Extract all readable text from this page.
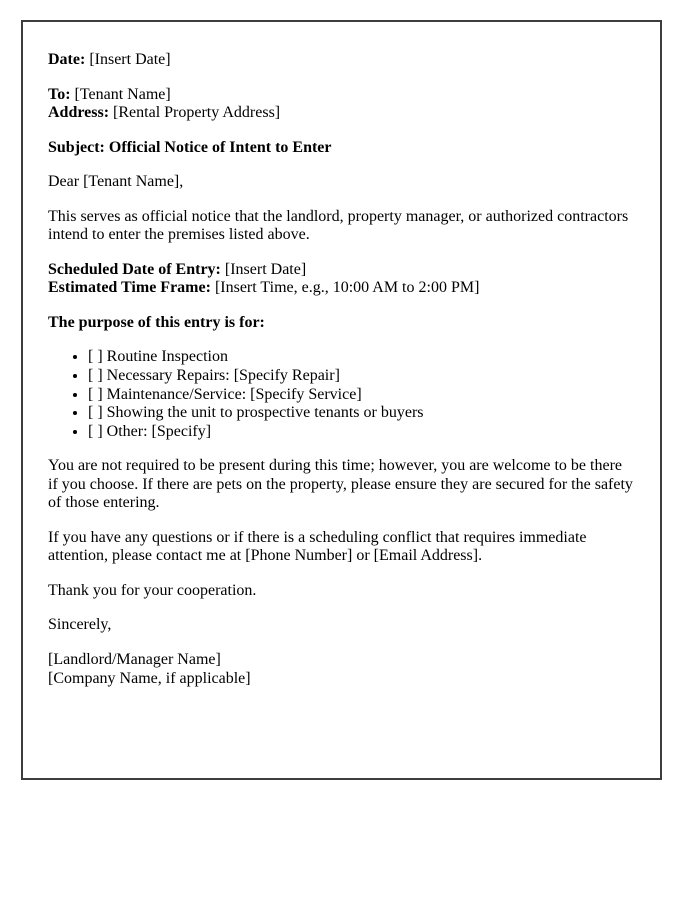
Date: [Insert Date]
To: [Tenant Name]
Address: [Rental Property Address]
Subject: Official Notice of Intent to Enter
Dear [Tenant Name],
This serves as official notice that the landlord, property manager, or authorized contractors intend to enter the premises listed above.
Scheduled Date of Entry: [Insert Date]
Estimated Time Frame: [Insert Time, e.g., 10:00 AM to 2:00 PM]
The purpose of this entry is for:
• [ ] Routine Inspection
• [ ] Necessary Repairs: [Specify Repair]
• [ ] Maintenance/Service: [Specify Service]
• [ ] Showing the unit to prospective tenants or buyers
• [ ] Other: [Specify]
You are not required to be present during this time; however, you are welcome to be there if you choose. If there are pets on the property, please ensure they are secured for the safety of those entering.
If you have any questions or if there is a scheduling conflict that requires immediate attention, please contact me at [Phone Number] or [Email Address].
Thank you for your cooperation.
Sincerely,
[Landlord/Manager Name]
[Company Name, if applicable]
